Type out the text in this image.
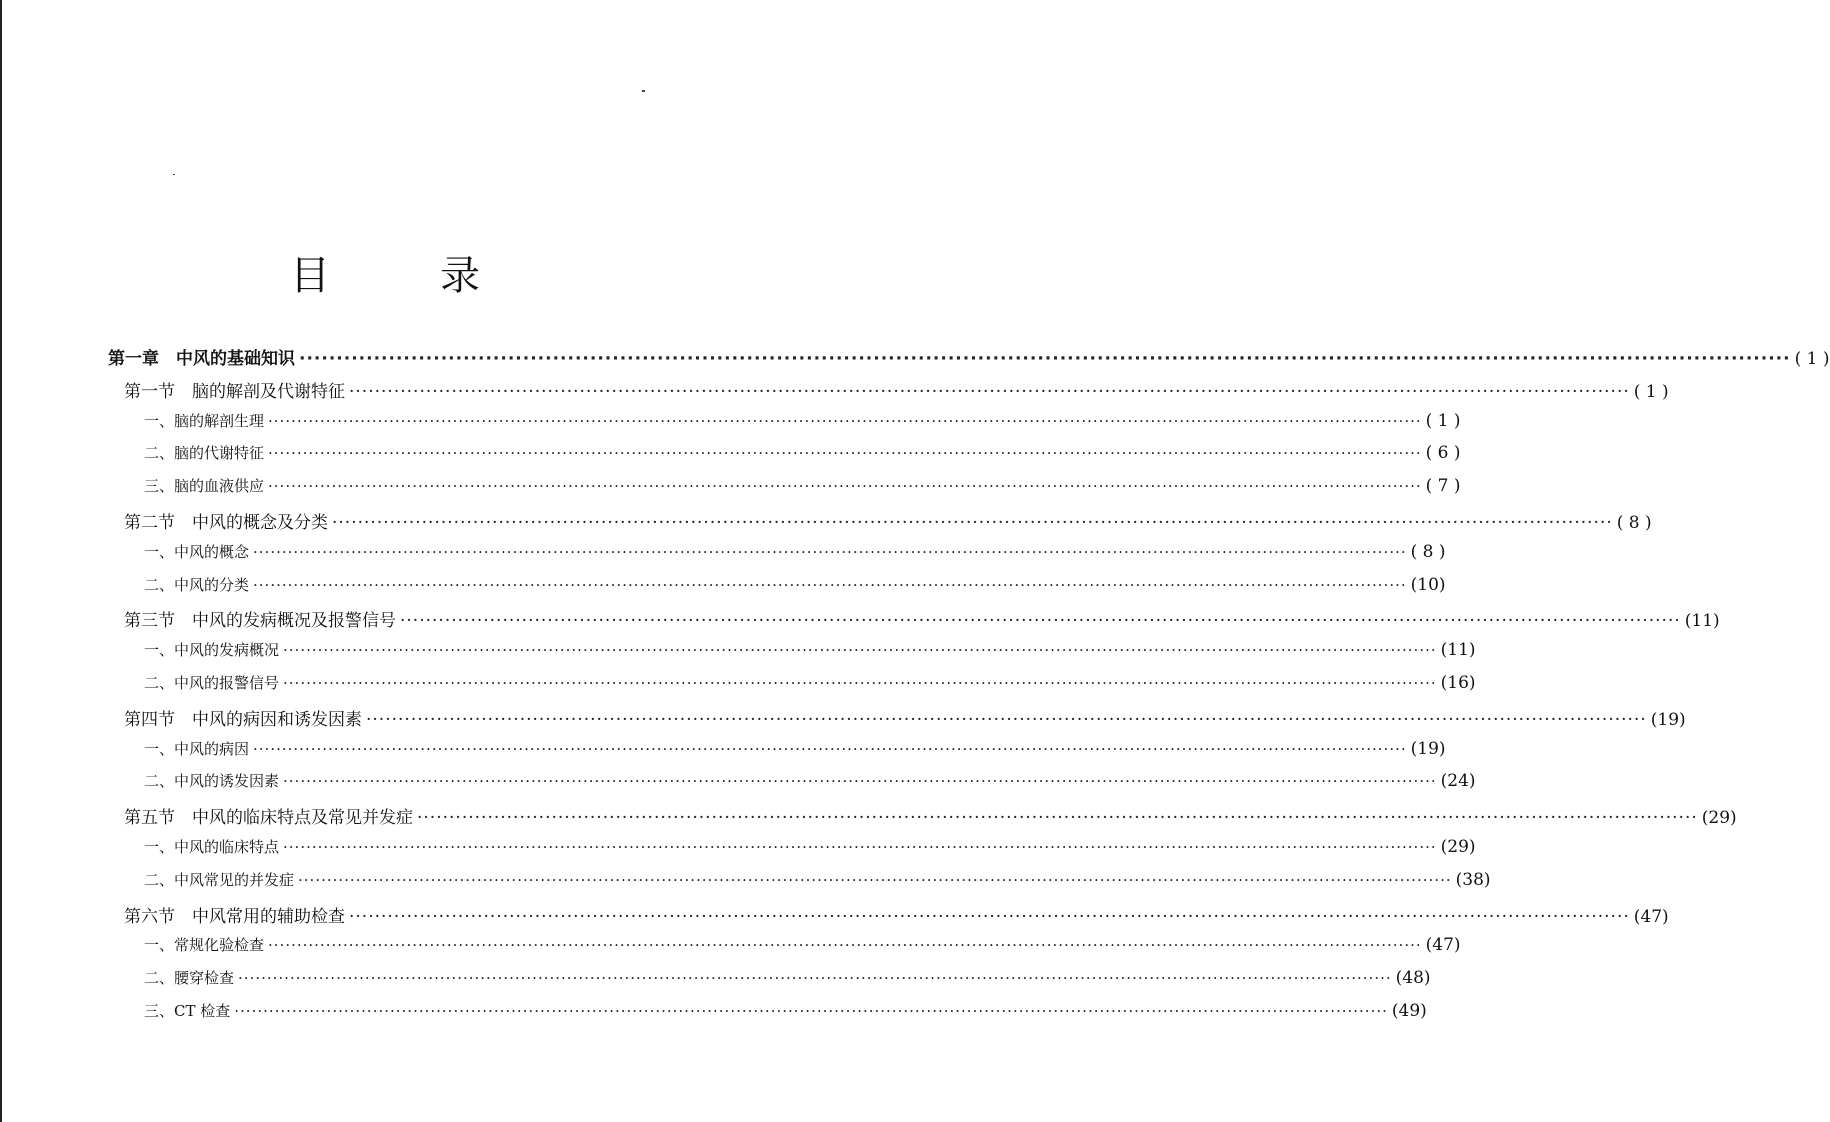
目	录
第一章　中风的基础知识 ········································································································································································································ ( 1 )
第一节　脑的解剖及代谢特征 ········································································································································································································ ( 1 )
一、脑的解剖生理 ········································································································································································································ ( 1 )
二、脑的代谢特征 ········································································································································································································ ( 6 )
三、脑的血液供应 ········································································································································································································ ( 7 )
第二节　中风的概念及分类 ········································································································································································································ ( 8 )
一、中风的概念 ········································································································································································································ ( 8 )
二、中风的分类 ········································································································································································································ (10)
第三节　中风的发病概况及报警信号 ········································································································································································································ (11)
一、中风的发病概况 ········································································································································································································ (11)
二、中风的报警信号 ········································································································································································································ (16)
第四节　中风的病因和诱发因素 ········································································································································································································ (19)
一、中风的病因 ········································································································································································································ (19)
二、中风的诱发因素 ········································································································································································································ (24)
第五节　中风的临床特点及常见并发症 ········································································································································································································ (29)
一、中风的临床特点 ········································································································································································································ (29)
二、中风常见的并发症 ········································································································································································································ (38)
第六节　中风常用的辅助检查 ········································································································································································································ (47)
一、常规化验检查 ········································································································································································································ (47)
二、腰穿检查 ········································································································································································································ (48)
三、CT 检查 ········································································································································································································ (49)
